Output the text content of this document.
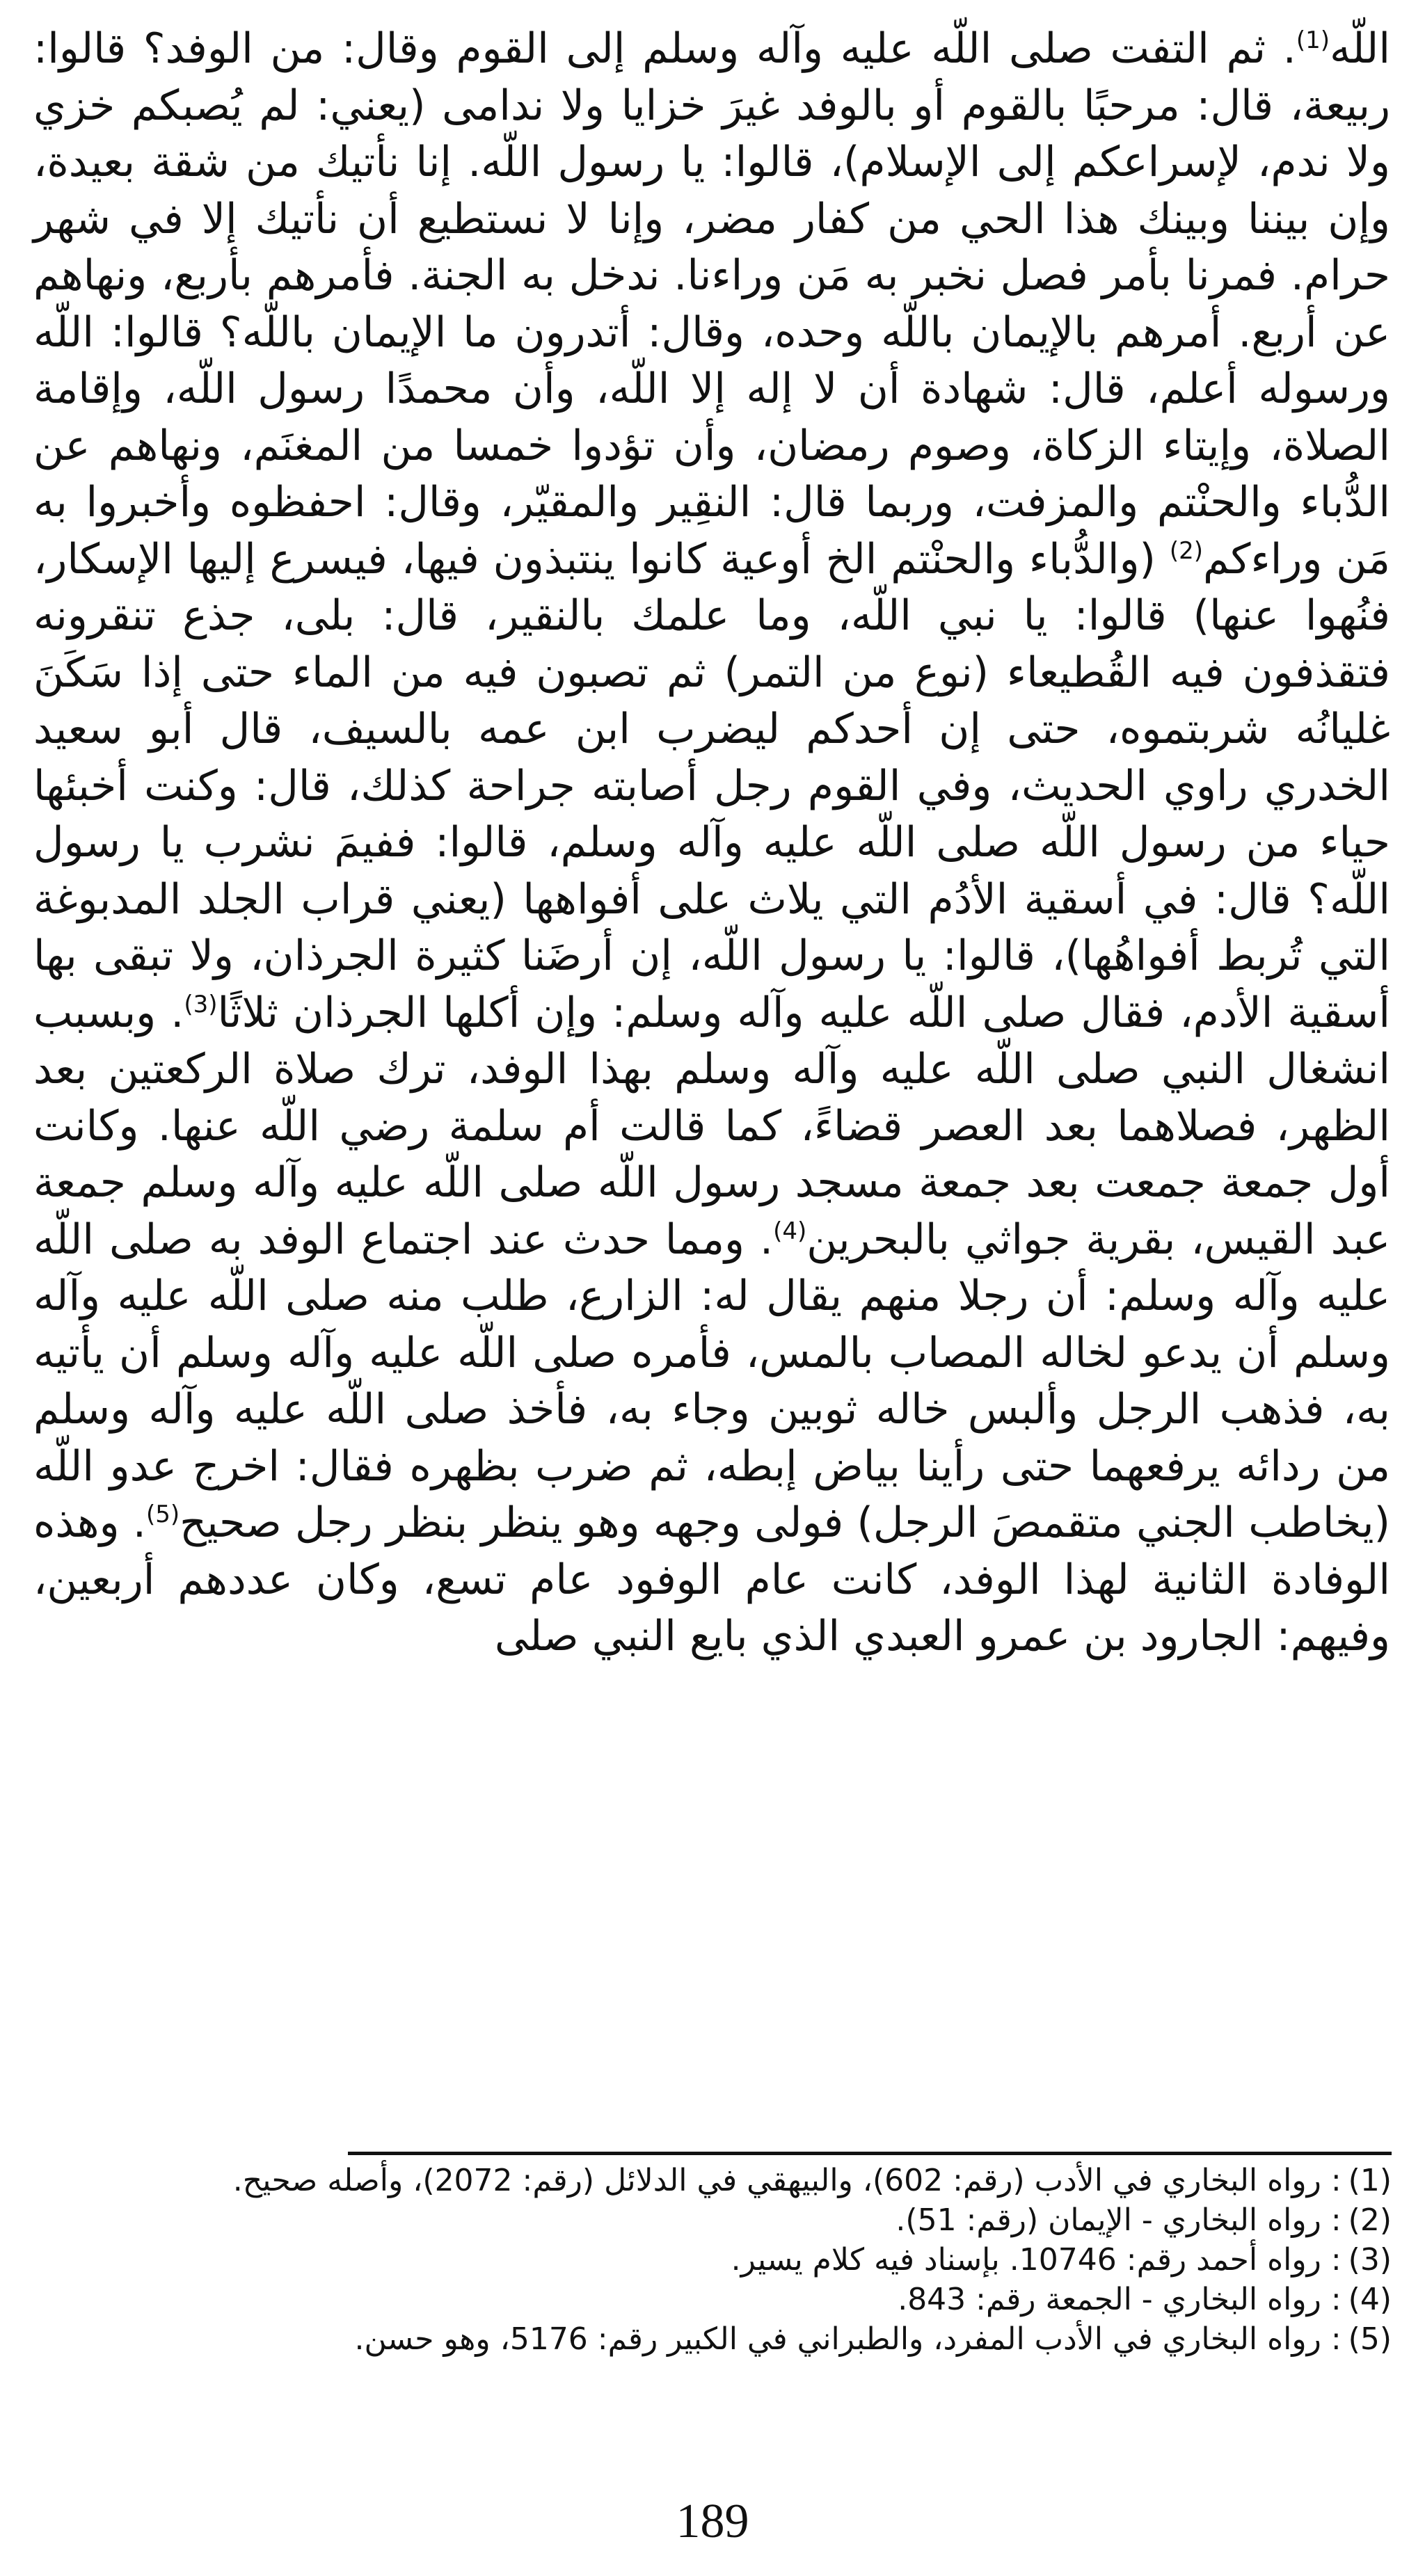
اللّه$^{(1)}$. ثم التفت صلى اللّه عليه وآله وسلم إلى القوم وقال: من الوفد؟ قالوا: ربيعة، قال: مرحبًا بالقوم أو بالوفد غيرَ خزايا ولا ندامى (يعني: لم يُصبكم خزي ولا ندم، لإسراعكم إلى الإسلام)، قالوا: يا رسول اللّه. إنا نأتيك من شقة بعيدة، وإن بيننا وبينك هذا الحي من كفار مضر، وإنا لا نستطيع أن نأتيك إلا في شهر حرام. فمرنا بأمر فصل نخبر به مَن وراءنا. ندخل به الجنة. فأمرهم بأربع، ونهاهم عن أربع. أمرهم بالإيمان باللّه وحده، وقال: أتدرون ما الإيمان باللّه؟ قالوا: اللّه ورسوله أعلم، قال: شهادة أن لا إله إلا اللّه، وأن محمدًا رسول اللّه، وإقامة الصلاة، وإيتاء الزكاة، وصوم رمضان، وأن تؤدوا خمسا من المغنَم، ونهاهم عن الدُّباء والحنْتم والمزفت، وربما قال: النقِير والمقيّر، وقال: احفظوه وأخبروا به مَن وراءكم$^{(2)}$ (والدُّباء والحنْتم الخ أوعية كانوا ينتبذون فيها، فيسرع إليها الإسكار، فنُهوا عنها) قالوا: يا نبي اللّه، وما علمك بالنقير، قال: بلى، جذع تنقرونه فتقذفون فيه القُطيعاء (نوع من التمر) ثم تصبون فيه من الماء حتى إذا سَكَنَ غليانُه شربتموه، حتى إن أحدكم ليضرب ابن عمه بالسيف، قال أبو سعيد الخدري راوي الحديث، وفي القوم رجل أصابته جراحة كذلك، قال: وكنت أخبئها حياء من رسول اللّه صلى اللّه عليه وآله وسلم، قالوا: ففيمَ نشرب يا رسول اللّه؟ قال: في أسقية الأدُم التي يلاث على أفواهها (يعني قراب الجلد المدبوغة التي تُربط أفواهُها)، قالوا: يا رسول اللّه، إن أرضَنا كثيرة الجرذان، ولا تبقى بها أسقية الأدم، فقال صلى اللّه عليه وآله وسلم: وإن أكلها الجرذان ثلاثًا$^{(3)}$. وبسبب انشغال النبي صلى اللّه عليه وآله وسلم بهذا الوفد، ترك صلاة الركعتين بعد الظهر، فصلاهما بعد العصر قضاءً، كما قالت أم سلمة رضي اللّه عنها. وكانت أول جمعة جمعت بعد جمعة مسجد رسول اللّه صلى اللّه عليه وآله وسلم جمعة عبد القيس، بقرية جواثي بالبحرين$^{(4)}$. ومما حدث عند اجتماع الوفد به صلى اللّه عليه وآله وسلم: أن رجلا منهم يقال له: الزارع، طلب منه صلى اللّه عليه وآله وسلم أن يدعو لخاله المصاب بالمس، فأمره صلى اللّه عليه وآله وسلم أن يأتيه به، فذهب الرجل وألبس خاله ثوبين وجاء به، فأخذ صلى اللّه عليه وآله وسلم من ردائه يرفعهما حتى رأينا بياض إبطه، ثم ضرب بظهره فقال: اخرج عدو اللّه (يخاطب الجني متقمصَ الرجل) فولى وجهه وهو ينظر بنظر رجل صحيح$^{(5)}$. وهذه الوفادة الثانية لهذا الوفد، كانت عام الوفود عام تسع، وكان عددهم أربعين، وفيهم: الجارود بن عمرو العبدي الذي بايع النبي صلى
(1): رواه البخاري في الأدب (رقم: 602)، والبيهقي في الدلائل (رقم: 2072)، وأصله صحيح.
(2): رواه البخاري - الإيمان (رقم: 51).
(3): رواه أحمد رقم: 10746. بإسناد فيه كلام يسير.
(4): رواه البخاري - الجمعة رقم: 843.
(5): رواه البخاري في الأدب المفرد، والطبراني في الكبير رقم: 5176، وهو حسن.
189
